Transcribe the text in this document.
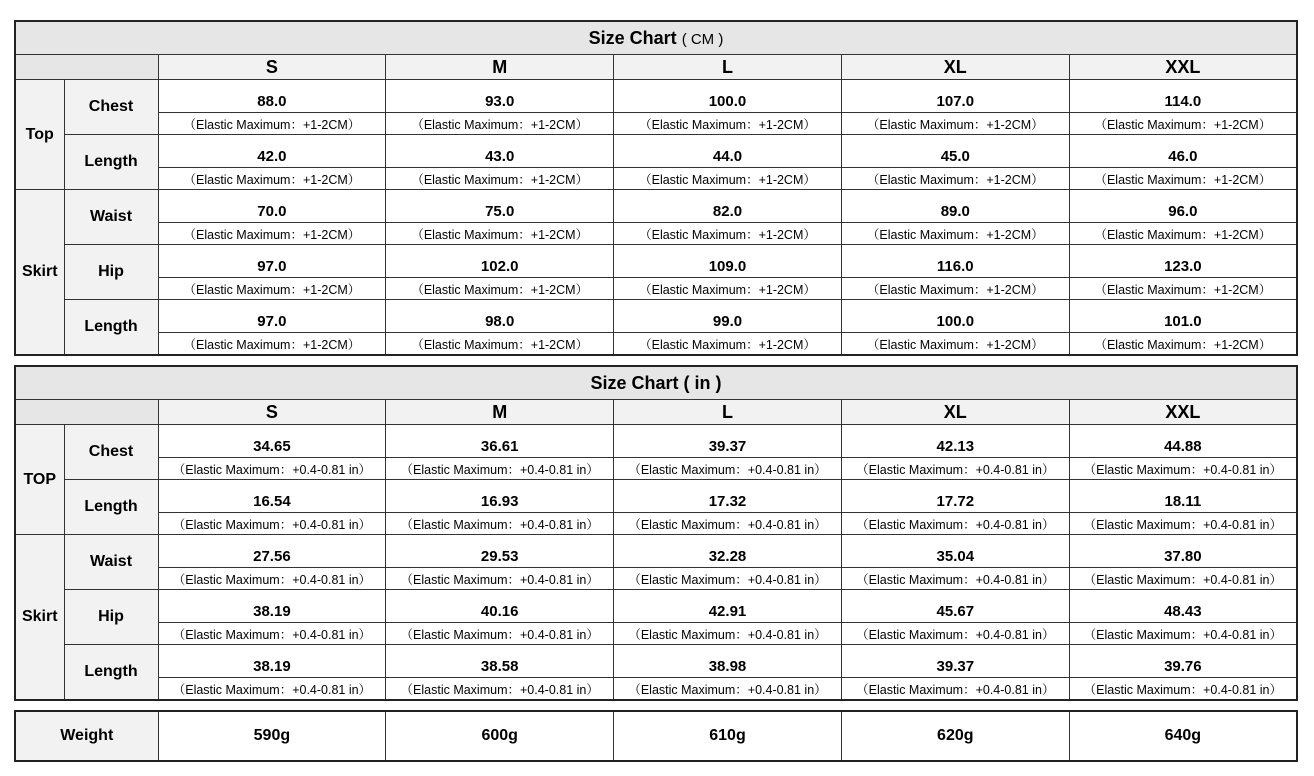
Size Chart ( CM )						
		S	M	L	XL	XXL
Top	Chest	88.0	93.0	100.0	107.0	114.0
		（Elastic Maximum：+1-2CM）	（Elastic Maximum：+1-2CM）	（Elastic Maximum：+1-2CM）	（Elastic Maximum：+1-2CM）	（Elastic Maximum：+1-2CM）
	Length	42.0	43.0	44.0	45.0	46.0
		（Elastic Maximum：+1-2CM）	（Elastic Maximum：+1-2CM）	（Elastic Maximum：+1-2CM）	（Elastic Maximum：+1-2CM）	（Elastic Maximum：+1-2CM）
Skirt	Waist	70.0	75.0	82.0	89.0	96.0
		（Elastic Maximum：+1-2CM）	（Elastic Maximum：+1-2CM）	（Elastic Maximum：+1-2CM）	（Elastic Maximum：+1-2CM）	（Elastic Maximum：+1-2CM）
	Hip	97.0	102.0	109.0	116.0	123.0
		（Elastic Maximum：+1-2CM）	（Elastic Maximum：+1-2CM）	（Elastic Maximum：+1-2CM）	（Elastic Maximum：+1-2CM）	（Elastic Maximum：+1-2CM）
	Length	97.0	98.0	99.0	100.0	101.0
		（Elastic Maximum：+1-2CM）	（Elastic Maximum：+1-2CM）	（Elastic Maximum：+1-2CM）	（Elastic Maximum：+1-2CM）	（Elastic Maximum：+1-2CM）
Size Chart ( in )						
		S	M	L	XL	XXL
TOP	Chest	34.65	36.61	39.37	42.13	44.88
		（Elastic Maximum：+0.4-0.81 in）	（Elastic Maximum：+0.4-0.81 in）	（Elastic Maximum：+0.4-0.81 in）	（Elastic Maximum：+0.4-0.81 in）	（Elastic Maximum：+0.4-0.81 in）
	Length	16.54	16.93	17.32	17.72	18.11
		（Elastic Maximum：+0.4-0.81 in）	（Elastic Maximum：+0.4-0.81 in）	（Elastic Maximum：+0.4-0.81 in）	（Elastic Maximum：+0.4-0.81 in）	（Elastic Maximum：+0.4-0.81 in）
Skirt	Waist	27.56	29.53	32.28	35.04	37.80
		（Elastic Maximum：+0.4-0.81 in）	（Elastic Maximum：+0.4-0.81 in）	（Elastic Maximum：+0.4-0.81 in）	（Elastic Maximum：+0.4-0.81 in）	（Elastic Maximum：+0.4-0.81 in）
	Hip	38.19	40.16	42.91	45.67	48.43
		（Elastic Maximum：+0.4-0.81 in）	（Elastic Maximum：+0.4-0.81 in）	（Elastic Maximum：+0.4-0.81 in）	（Elastic Maximum：+0.4-0.81 in）	（Elastic Maximum：+0.4-0.81 in）
	Length	38.19	38.58	38.98	39.37	39.76
		（Elastic Maximum：+0.4-0.81 in）	（Elastic Maximum：+0.4-0.81 in）	（Elastic Maximum：+0.4-0.81 in）	（Elastic Maximum：+0.4-0.81 in）	（Elastic Maximum：+0.4-0.81 in）
Weight	590g	600g	610g	620g	640g
